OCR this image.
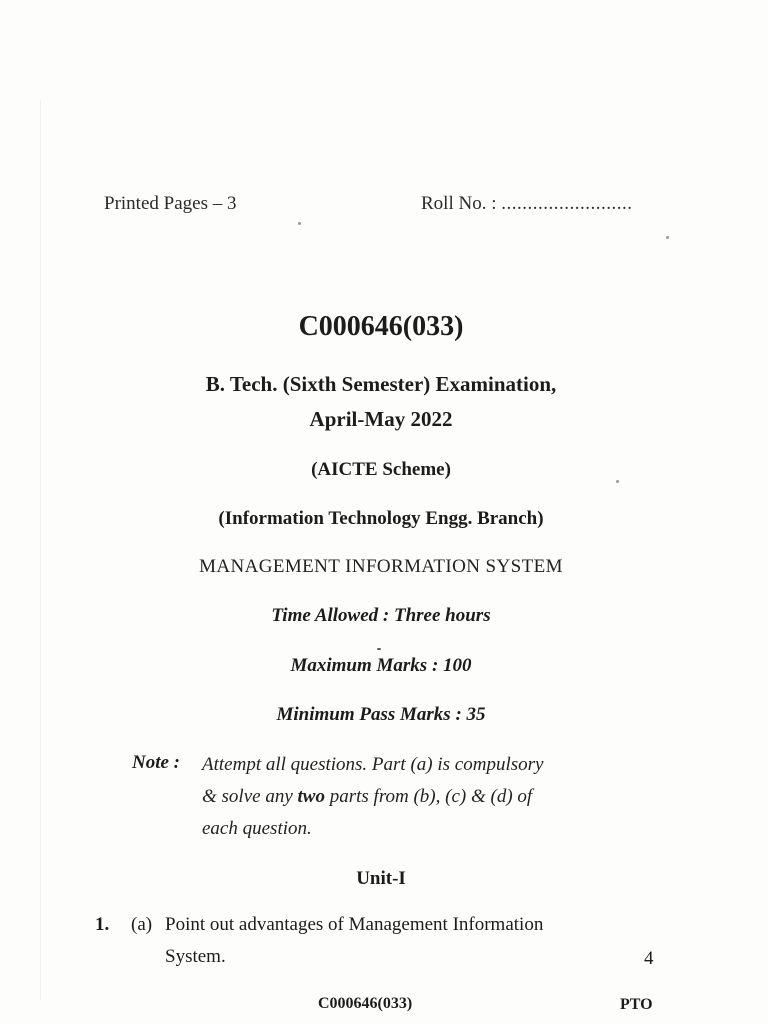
Printed Pages – 3	Roll No. : .........................
C000646(033)
B. Tech. (Sixth Semester) Examination,
April-May 2022
(AICTE Scheme)
(Information Technology Engg. Branch)
MANAGEMENT INFORMATION SYSTEM
Time Allowed : Three hours
Maximum Marks : 100
Minimum Pass Marks : 35
Note : Attempt all questions. Part (a) is compulsory
& solve any two parts from (b), (c) & (d) of
each question.
Unit-I
1. (a) Point out advantages of Management Information
System.	4
C000646(033)	PTO
